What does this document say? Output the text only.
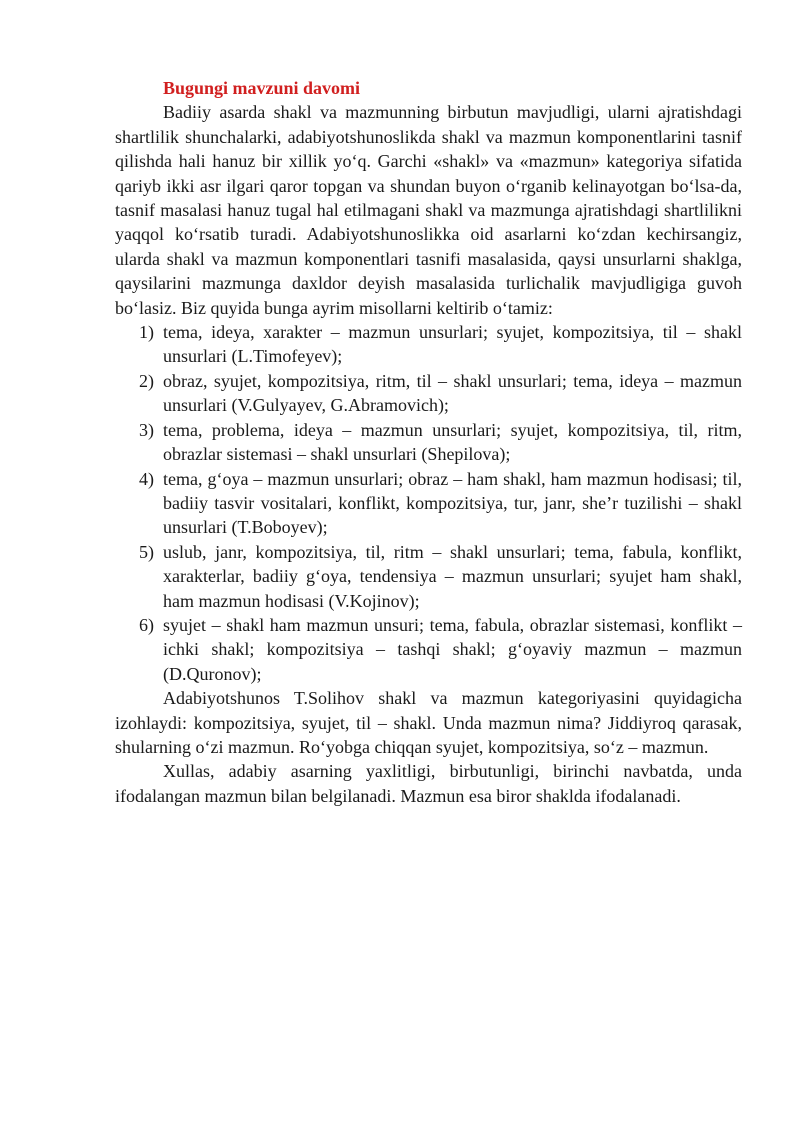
Bugungi mavzuni davomi

Badiiy asarda shakl va mazmunning birbutun mavjudligi, ularni ajratishdagi shartlilik shunchalarki, adabiyotshunoslikda shakl va mazmun komponentlarini tasnif qilishda hali hanuz bir xillik yoʻq. Garchi «shakl» va «mazmun» kategoriya sifatida qariyb ikki asr ilgari qaror topgan va shundan buyon oʻrganib kelinayotgan boʻlsa-da, tasnif masalasi hanuz tugal hal etilmagani shakl va mazmunga ajratishdagi shartlilikni yaqqol koʻrsatib turadi. Adabiyotshunoslikka oid asarlarni koʻzdan kechirsangiz, ularda shakl va mazmun komponentlari tasnifi masalasida, qaysi unsurlarni shaklga, qaysilarini mazmunga daxldor deyish masalasida turlichalik mavjudligiga guvoh boʻlasiz. Biz quyida bunga ayrim misollarni keltirib oʻtamiz:

1) tema, ideya, xarakter – mazmun unsurlari; syujet, kompozitsiya, til – shakl unsurlari (L.Timofeyev);
2) obraz, syujet, kompozitsiya, ritm, til – shakl unsurlari; tema, ideya – mazmun unsurlari (V.Gulyayev, G.Abramovich);
3) tema, problema, ideya – mazmun unsurlari; syujet, kompozitsiya, til, ritm, obrazlar sistemasi – shakl unsurlari (Shepilova);
4) tema, gʻoya – mazmun unsurlari; obraz – ham shakl, ham mazmun hodisasi; til, badiiy tasvir vositalari, konflikt, kompozitsiya, tur, janr, she’r tuzilishi – shakl unsurlari (T.Boboyev);
5) uslub, janr, kompozitsiya, til, ritm – shakl unsurlari; tema, fabula, konflikt, xarakterlar, badiiy gʻoya, tendensiya – mazmun unsurlari; syujet ham shakl, ham mazmun hodisasi (V.Kojinov);
6) syujet – shakl ham mazmun unsuri; tema, fabula, obrazlar sistemasi, konflikt – ichki shakl; kompozitsiya – tashqi shakl; gʻoyaviy mazmun – mazmun (D.Quronov);

Adabiyotshunos T.Solihov shakl va mazmun kategoriyasini quyidagicha izohlaydi: kompozitsiya, syujet, til – shakl. Unda mazmun nima? Jiddiyroq qarasak, shularning oʻzi mazmun. Roʻyobga chiqqan syujet, kompozitsiya, soʻz – mazmun.

Xullas, adabiy asarning yaxlitligi, birbutunligi, birinchi navbatda, unda ifodalangan mazmun bilan belgilanadi. Mazmun esa biror shaklda ifodalanadi.
